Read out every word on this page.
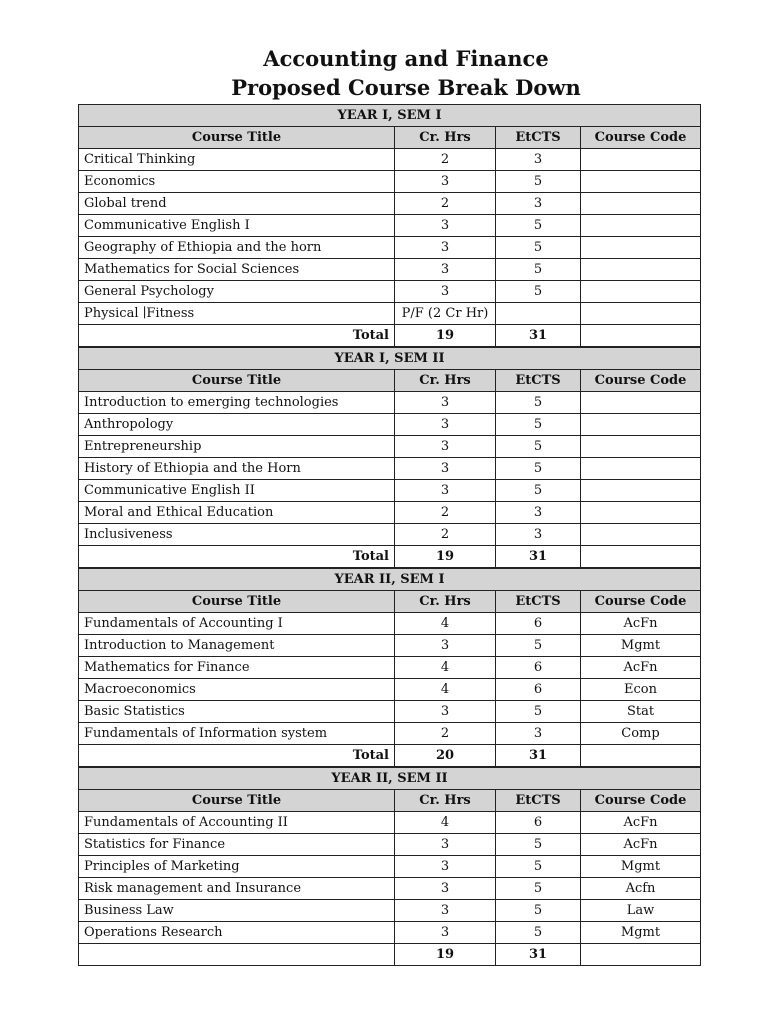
Accounting and Finance
Proposed Course Break Down
YEAR I, SEM I			
Course Title	Cr. Hrs	EtCTS	Course Code
Critical Thinking	2	3	
Economics	3	5	
Global trend	2	3	
Communicative English I	3	5	
Geography of Ethiopia and the horn	3	5	
Mathematics for Social Sciences	3	5	
General Psychology	3	5	
Physical ∣Fitness	P/F (2 Cr Hr)		
Total	19	31	
YEAR I, SEM II			
Course Title	Cr. Hrs	EtCTS	Course Code
Introduction to emerging technologies	3	5	
Anthropology	3	5	
Entrepreneurship	3	5	
History of Ethiopia and the Horn	3	5	
Communicative English II	3	5	
Moral and Ethical Education	2	3	
Inclusiveness	2	3	
Total	19	31	
YEAR II, SEM I			
Course Title	Cr. Hrs	EtCTS	Course Code
Fundamentals of Accounting I	4	6	AcFn
Introduction to Management	3	5	Mgmt
Mathematics for Finance	4	6	AcFn
Macroeconomics	4	6	Econ
Basic Statistics	3	5	Stat
Fundamentals of Information system	2	3	Comp
Total	20	31	
YEAR II, SEM II			
Course Title	Cr. Hrs	EtCTS	Course Code
Fundamentals of Accounting II	4	6	AcFn
Statistics for Finance	3	5	AcFn
Principles of Marketing	3	5	Mgmt
Risk management and Insurance	3	5	Acfn
Business Law	3	5	Law
Operations Research	3	5	Mgmt
	19	31	
